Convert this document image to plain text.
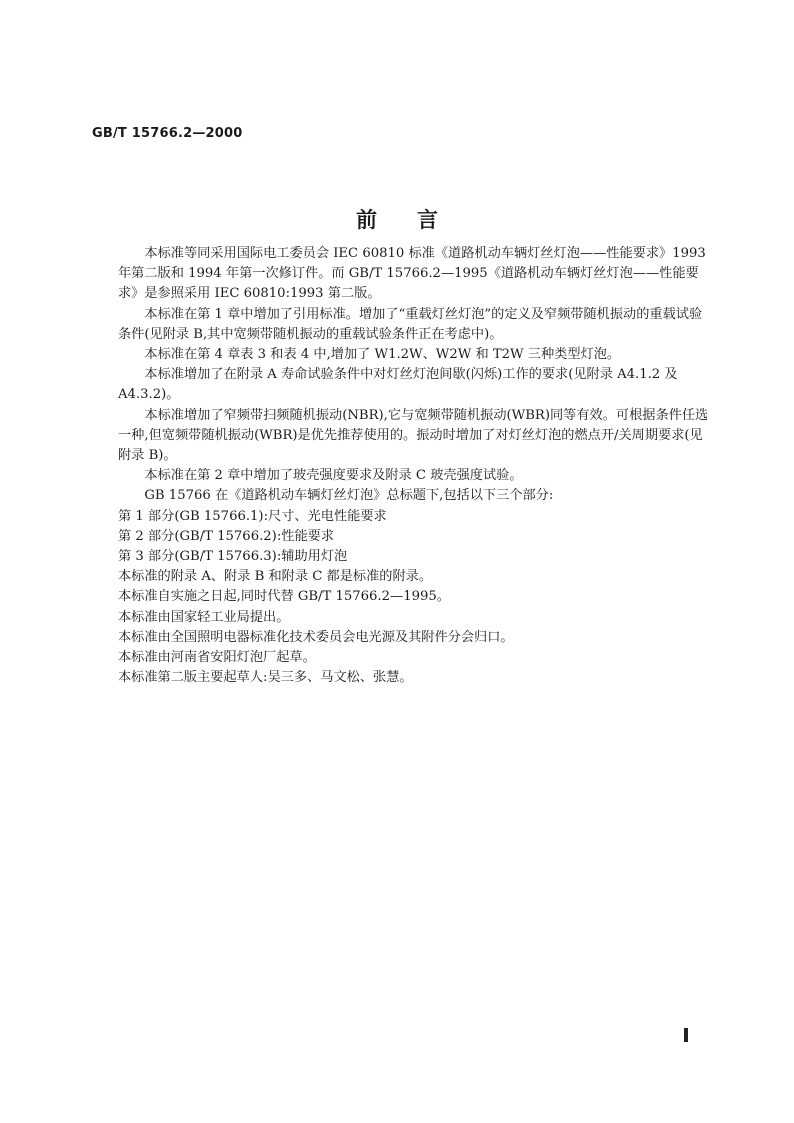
GB/T 15766.2—2000
前言

本标准等同采用国际电工委员会 IEC 60810 标准《道路机动车辆灯丝灯泡——性能要求》1993 年第二版和 1994 年第一次修订件。而 GB/T 15766.2—1995《道路机动车辆灯丝灯泡——性能要求》是参照采用 IEC 60810:1993 第二版。

本标准在第 1 章中增加了引用标准。增加了“重载灯丝灯泡”的定义及窄频带随机振动的重载试验条件(见附录 B,其中宽频带随机振动的重载试验条件正在考虑中)。

本标准在第 4 章表 3 和表 4 中,增加了 W1.2W、W2W 和 T2W 三种类型灯泡。

本标准增加了在附录 A 寿命试验条件中对灯丝灯泡间歇(闪烁)工作的要求(见附录 A4.1.2 及 A4.3.2)。

本标准增加了窄频带扫频随机振动(NBR),它与宽频带随机振动(WBR)同等有效。可根据条件任选一种,但宽频带随机振动(WBR)是优先推荐使用的。振动时增加了对灯丝灯泡的燃点开/关周期要求(见附录 B)。

本标准在第 2 章中增加了玻壳强度要求及附录 C 玻壳强度试验。

GB 15766 在《道路机动车辆灯丝灯泡》总标题下,包括以下三个部分:

第 1 部分(GB 15766.1):尺寸、光电性能要求

第 2 部分(GB/T 15766.2):性能要求

第 3 部分(GB/T 15766.3):辅助用灯泡

本标准的附录 A、附录 B 和附录 C 都是标准的附录。

本标准自实施之日起,同时代替 GB/T 15766.2—1995。

本标准由国家轻工业局提出。

本标准由全国照明电器标准化技术委员会电光源及其附件分会归口。

本标准由河南省安阳灯泡厂起草。

本标准第二版主要起草人:吴三多、马文松、张慧。
